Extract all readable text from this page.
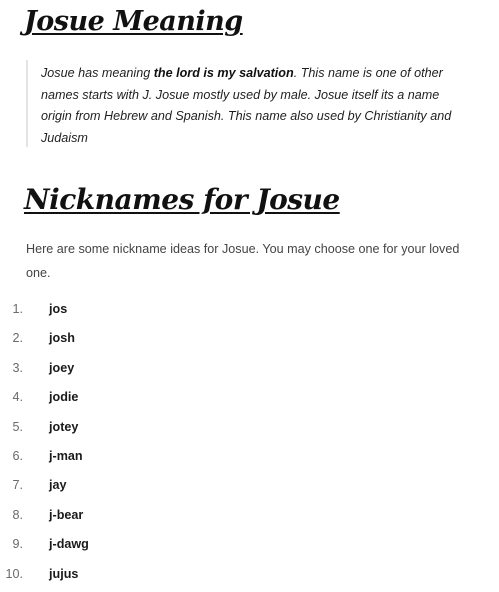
Josue Meaning
Josue has meaning the lord is my salvation. This name is one of other names starts with J. Josue mostly used by male. Josue itself its a name origin from Hebrew and Spanish. This name also used by Christianity and Judaism
Nicknames for Josue

Here are some nickname ideas for Josue. You may choose one for your loved one.

1. jos
2. josh
3. joey
4. jodie
5. jotey
6. j-man
7. jay
8. j-bear
9. j-dawg
10. jujus
